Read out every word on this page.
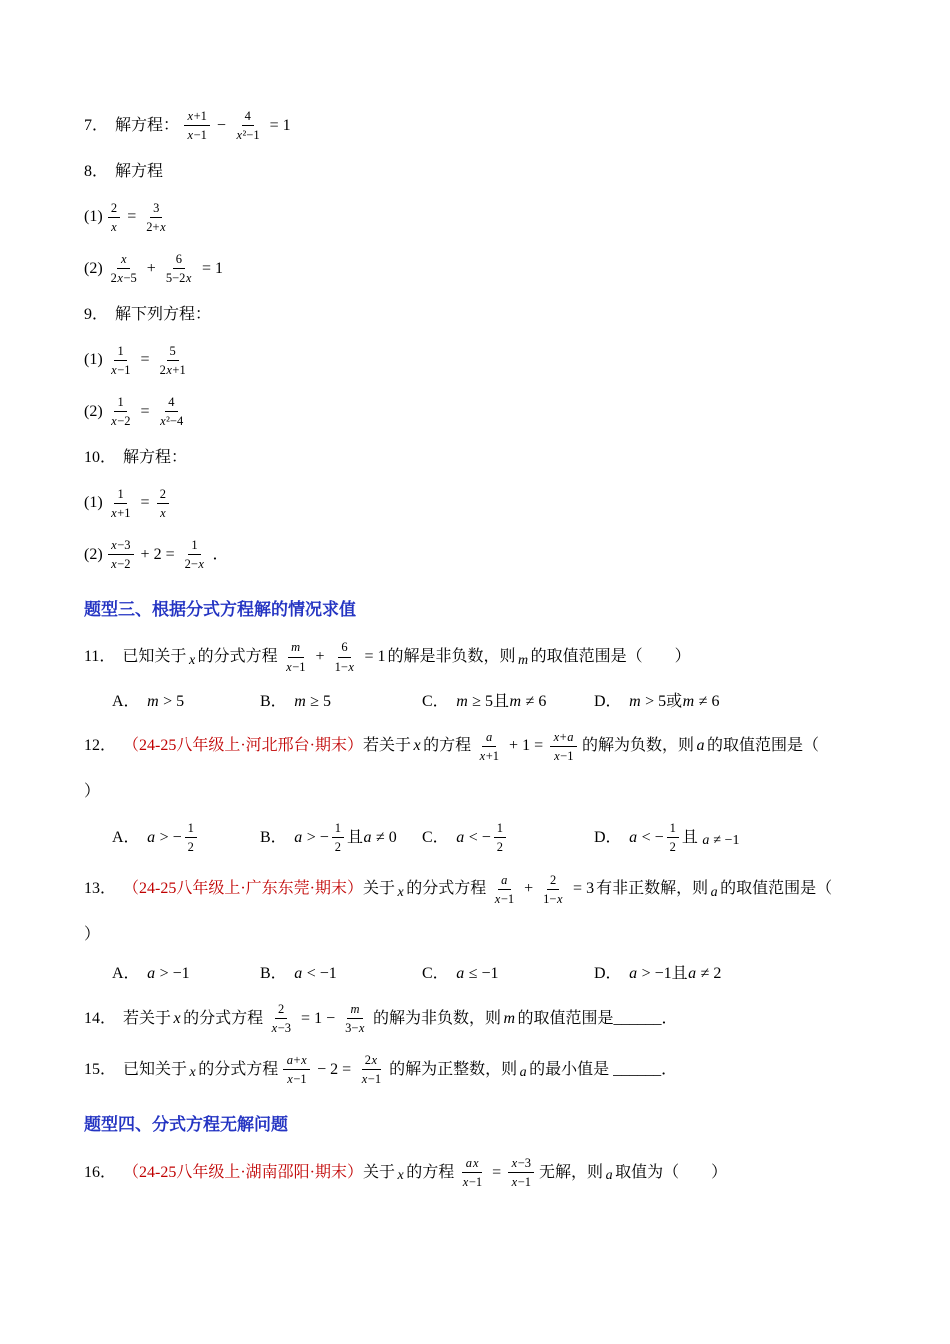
7． 解方程： $\frac{x+1}{x-1} - \frac{4}{\text{x²−1}} = 1$
8． 解方程
$(1) \frac{2}{x} = \frac{3}{2+x}$
$(2) \frac{x}{2x-5} + \frac{6}{5-2x} = 1$
9． 解下列方程：
$(1) \frac{1}{x-1} = \frac{5}{2x+1}$
$(2) \frac{1}{x-2} = \frac{4}{\text{x²−4}}$
10． 解方程：
$(1) \frac{1}{x+1} = \frac{2}{x}$
$(2) \frac{x-3}{x-2} + 2 = \frac{1}{2-x}$ ．
题型三、根据分式方程解的情况求值
11． 已知关于 x 的分式方程 $\frac{m}{x-1} + \frac{6}{1-x} = 1$ 的解是非负数，则 m 的取值范围是（　　）
A． m > 5	B． m ≥ 5	C． m ≥ 5且m ≠ 6	D． m > 5或m ≠ 6
12． （24-25八年级上·河北邢台·期末） 若关于 x 的方程 $\frac{a}{x+1} + 1 = \frac{x+a}{x-1}$ 的解为负数，则 a 的取值范围是（
）
A． a > − $\frac{1}{2}$	B． a > − $\frac{1}{2}$ 且a ≠ 0 C． a < − $\frac{1}{2}$	D． a < − $\frac{1}{2}$ 且 a ≠ −1
13． （24-25八年级上·广东东莞·期末） 关于 x 的分式方程 $\frac{a}{x-1} + \frac{2}{1-x} = 3$ 有非正数解，则 a 的取值范围是（
）
A． a > −1	B． a < −1	C． a ≤ −1	D． a > −1且a ≠ 2
14． 若关于 x 的分式方程 $\frac{2}{x-3} = 1 - \frac{m}{3-x}$ 的解为非负数，则 m 的取值范围是______．
15． 已知关于 x 的分式方程 $\frac{a+x}{x-1} - 2 = \frac{2x}{x-1}$ 的解为正整数，则 a 的最小值是 ______．
题型四、分式方程无解问题
16． （24-25八年级上·湖南邵阳·期末） 关于 x 的方程 $\frac{ax}{x-1} = \frac{x-3}{x-1}$ 无解，则 a 取值为（　　）
